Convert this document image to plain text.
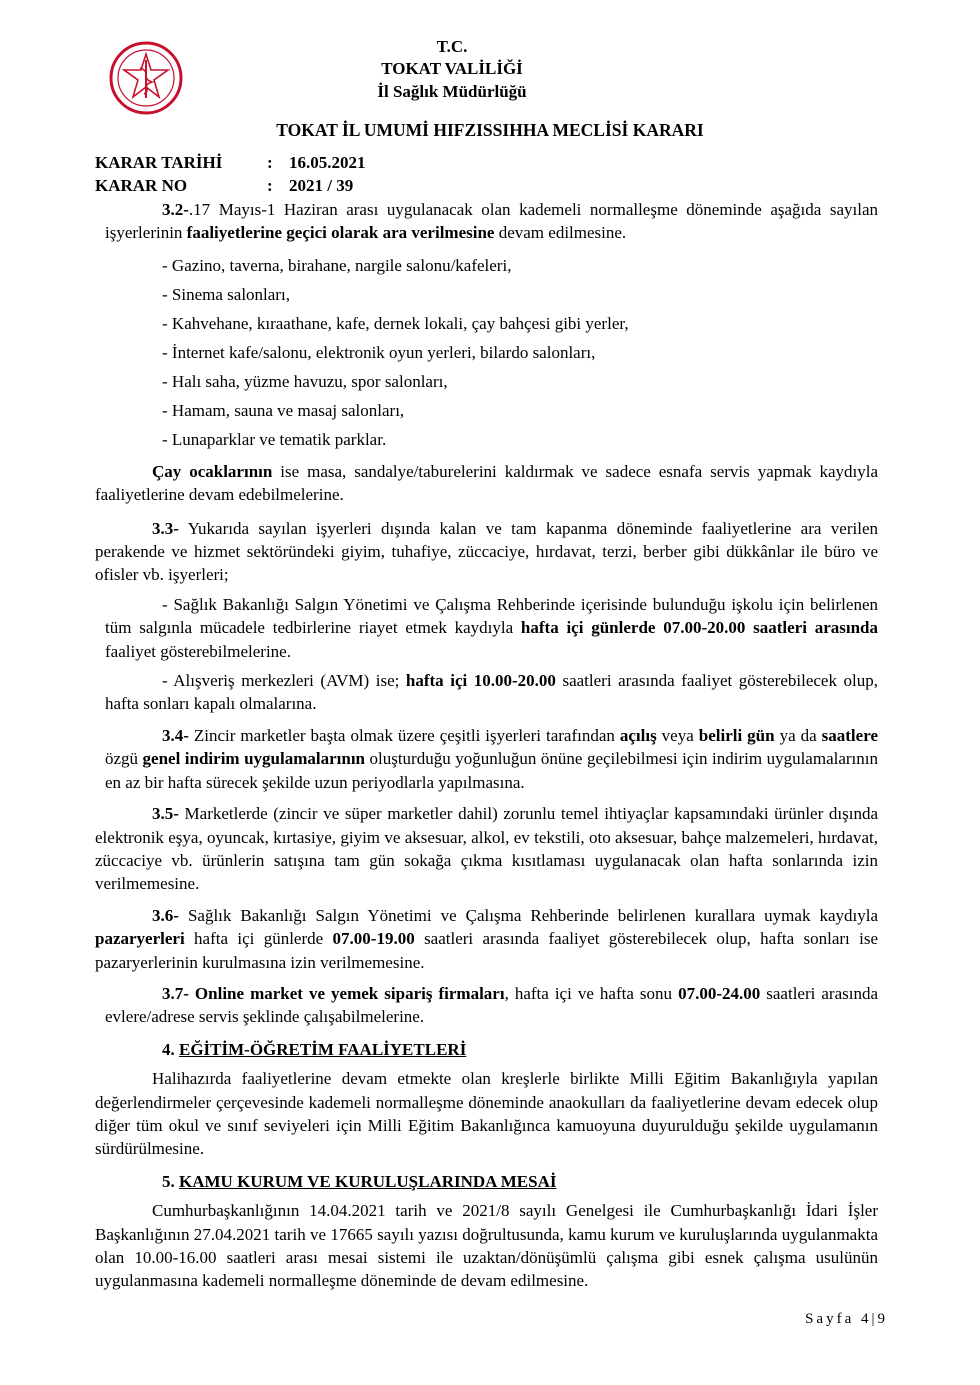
T.C.
TOKAT VALİLİĞİ
İl Sağlık Müdürlüğü
TOKAT İL UMUMİ HIFZISSIHHA MECLİSİ KARARI
KARAR TARİHİ	: 16.05.2021
KARAR NO	: 2021 / 39

3.2-.17 Mayıs-1 Haziran arası uygulanacak olan kademeli normalleşme döneminde aşağıda sayılan işyerlerinin faaliyetlerine geçici olarak ara verilmesine devam edilmesine.

- Gazino, taverna, birahane, nargile salonu/kafeleri,

- Sinema salonları,

- Kahvehane, kıraathane, kafe, dernek lokali, çay bahçesi gibi yerler,

- İnternet kafe/salonu, elektronik oyun yerleri, bilardo salonları,

- Halı saha, yüzme havuzu, spor salonları,

- Hamam, sauna ve masaj salonları,

- Lunaparklar ve tematik parklar.

Çay ocaklarının ise masa, sandalye/taburelerini kaldırmak ve sadece esnafa servis yapmak kaydıyla faaliyetlerine devam edebilmelerine.

3.3- Yukarıda sayılan işyerleri dışında kalan ve tam kapanma döneminde faaliyetlerine ara verilen perakende ve hizmet sektöründeki giyim, tuhafiye, züccaciye, hırdavat, terzi, berber gibi dükkânlar ile büro ve ofisler vb. işyerleri;

- Sağlık Bakanlığı Salgın Yönetimi ve Çalışma Rehberinde içerisinde bulunduğu işkolu için belirlenen tüm salgınla mücadele tedbirlerine riayet etmek kaydıyla hafta içi günlerde 07.00-20.00 saatleri arasında faaliyet gösterebilmelerine.

- Alışveriş merkezleri (AVM) ise; hafta içi 10.00-20.00 saatleri arasında faaliyet gösterebilecek olup, hafta sonları kapalı olmalarına.

3.4- Zincir marketler başta olmak üzere çeşitli işyerleri tarafından açılış veya belirli gün ya da saatlere özgü genel indirim uygulamalarının oluşturduğu yoğunluğun önüne geçilebilmesi için indirim uygulamalarının en az bir hafta sürecek şekilde uzun periyodlarla yapılmasına.

3.5- Marketlerde (zincir ve süper marketler dahil) zorunlu temel ihtiyaçlar kapsamındaki ürünler dışında elektronik eşya, oyuncak, kırtasiye, giyim ve aksesuar, alkol, ev tekstili, oto aksesuar, bahçe malzemeleri, hırdavat, züccaciye vb. ürünlerin satışına tam gün sokağa çıkma kısıtlaması uygulanacak olan hafta sonlarında izin verilmemesine.

3.6- Sağlık Bakanlığı Salgın Yönetimi ve Çalışma Rehberinde belirlenen kurallara uymak kaydıyla pazaryerleri hafta içi günlerde 07.00-19.00 saatleri arasında faaliyet gösterebilecek olup, hafta sonları ise pazaryerlerinin kurulmasına izin verilmemesine.

3.7- Online market ve yemek sipariş firmaları, hafta içi ve hafta sonu 07.00-24.00 saatleri arasında evlere/adrese servis şeklinde çalışabilmelerine.

4. EĞİTİM-ÖĞRETİM FAALİYETLERİ

Halihazırda faaliyetlerine devam etmekte olan kreşlerle birlikte Milli Eğitim Bakanlığıyla yapılan değerlendirmeler çerçevesinde kademeli normalleşme döneminde anaokulları da faaliyetlerine devam edecek olup diğer tüm okul ve sınıf seviyeleri için Milli Eğitim Bakanlığınca kamuoyuna duyurulduğu şekilde uygulamanın sürdürülmesine.

5. KAMU KURUM VE KURULUŞLARINDA MESAİ

Cumhurbaşkanlığının 14.04.2021 tarih ve 2021/8 sayılı Genelgesi ile Cumhurbaşkanlığı İdari İşler Başkanlığının 27.04.2021 tarih ve 17665 sayılı yazısı doğrultusunda, kamu kurum ve kuruluşlarında uygulanmakta olan 10.00-16.00 saatleri arası mesai sistemi ile uzaktan/dönüşümlü çalışma gibi esnek çalışma usulünün uygulanmasına kademeli normalleşme döneminde de devam edilmesine.

Sayfa 4|9
